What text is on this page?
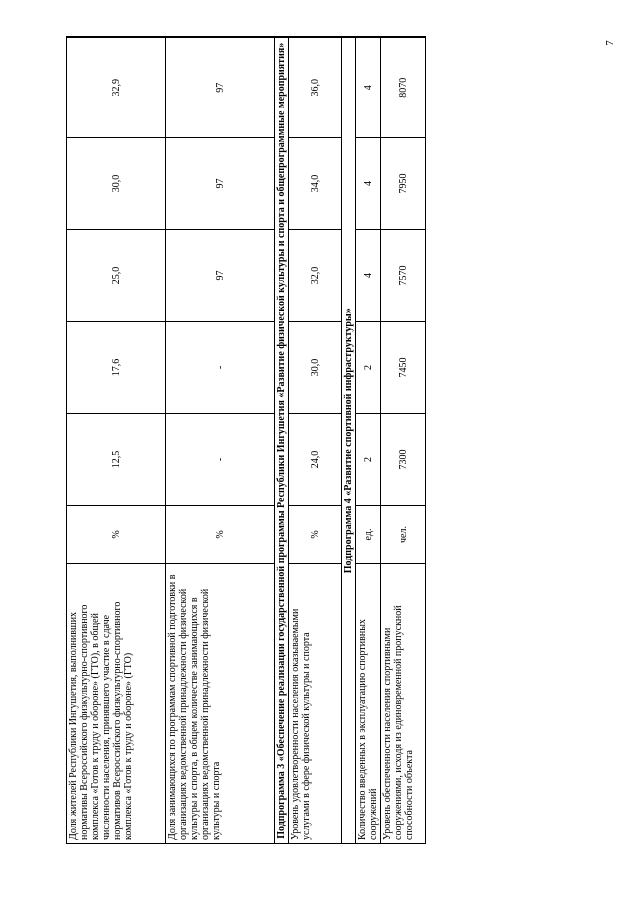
7
Доля жителей Республики Ингушетия, выполнивших нормативы Всероссийского физкультурно-спортивного комплекса «Готов к труду и обороне» (ГТО), в общей численности населения, принявшего участие в сдаче нормативов Всероссийского физкультурно-спортивного комплекса «Готов к труду и обороне» (ГТО)	%	12,5	17,6	25,0	30,0	32,9
Доля занимающихся по программам спортивной подготовки в организациях ведомственной принадлежности физической культуры и спорта, в общем количестве занимающихся в организациях ведомственной принадлежности физической культуры и спорта	%	-	-	97	97	97
Подпрограмма 3 «Обеспечение реализации государственной программы Республики Ингушетия «Развитие физической культуры и спорта и общепрограммные мероприятия»						
Уровень удовлетворенности населения оказываемыми услугами в сфере физической культуры и спорта	%	24,0	30,0	32,0	34,0	36,0
Подпрограмма 4 «Развитие спортивной инфраструктуры»						
Количество введенных в эксплуатацию спортивных сооружений	ед.	2	2	4	4	4
Уровень обеспеченности населения спортивными сооружениями, исходя из единовременной пропускной способности объекта	чел.	7300	7450	7570	7950	8070
